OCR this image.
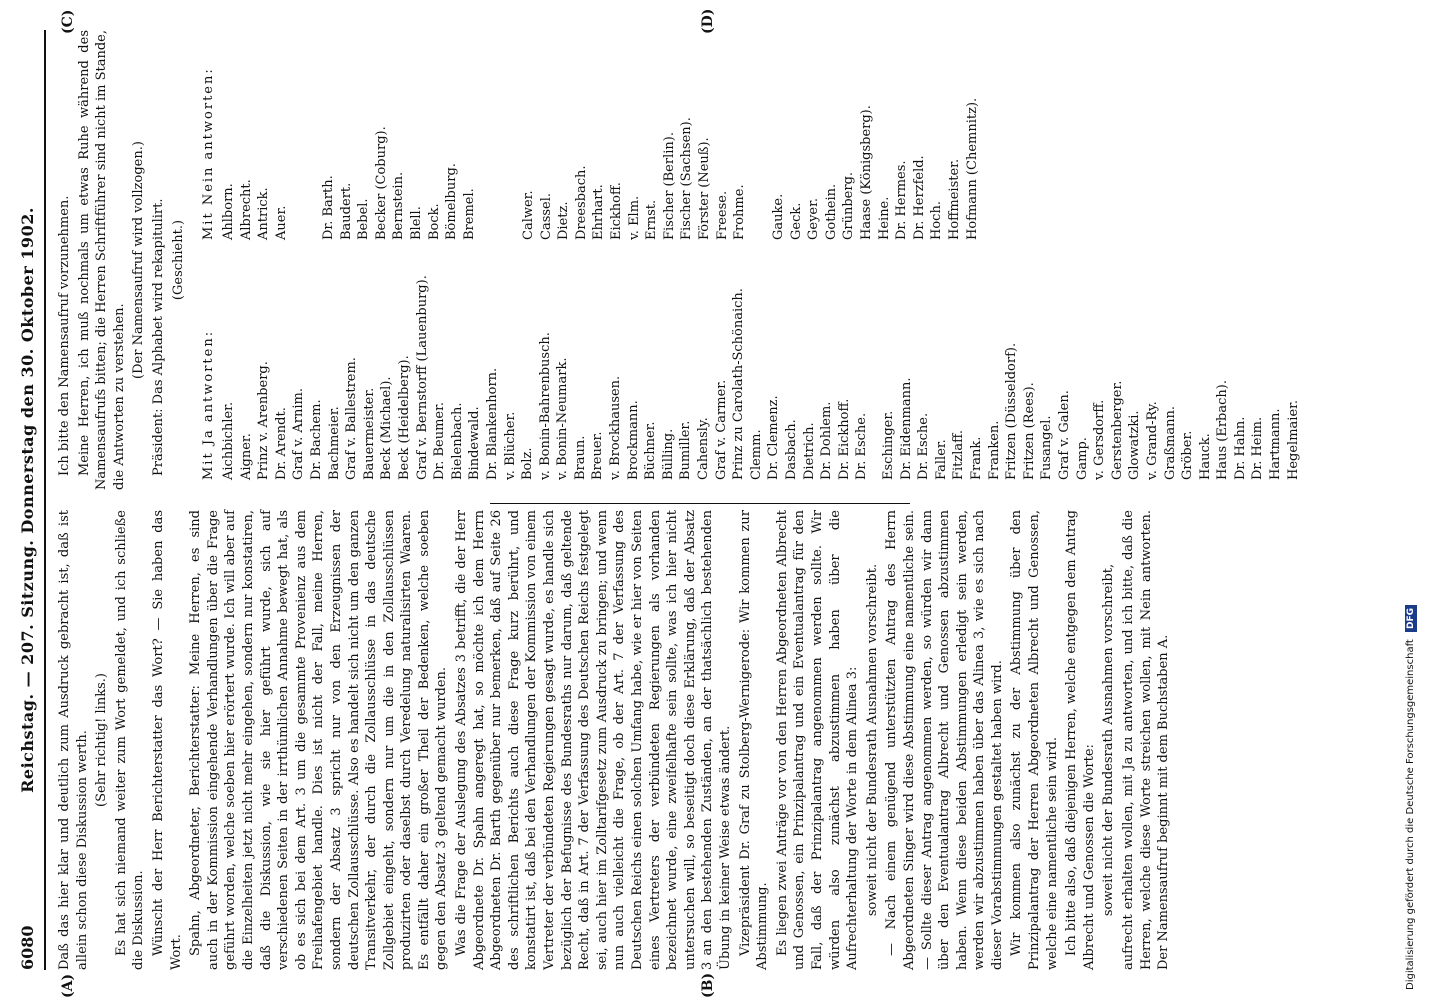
6080
Reichstag. — 207. Sitzung. Donnerstag den 30. Oktober 1902.
(A)	(B)
(C)	(D)

Daß das hier klar und deutlich zum Ausdruck gebracht ist, daß ist allein schon diese Diskussion werth. (Sehr richtig! links.) Es hat sich niemand weiter zum Wort gemeldet, und ich schließe die Diskussion. Wünscht der Herr Berichterstatter das Wort? — Sie haben das Wort. Spahn, Abgeordneter, Berichterstatter: Meine Herren, es sind auch in der Kommission eingehende Verhandlungen über die Frage geführt worden, welche soeben hier erörtert wurde. Ich will aber auf die Einzelheiten jetzt nicht mehr eingehen, sondern nur konstatiren, daß die Diskussion, wie sie hier geführt wurde, sich auf verschiedenen Seiten in der irrthümlichen Annahme bewegt hat, als ob es sich bei dem Art. 3 um die gesammte Provenienz aus dem Freihafengebiet handle. Dies ist nicht der Fall, meine Herren, sondern der Absatz 3 spricht nur von den Erzeugnissen der deutschen Zollausschlüsse. Also es handelt sich nicht um den ganzen Transitverkehr, der durch die Zollausschlüsse in das deutsche Zollgebiet eingeht, sondern nur um die in den Zollausschlüssen produzirten oder daselbst durch Veredelung naturalisirten Waaren. Es entfällt daher ein großer Theil der Bedenken, welche soeben gegen den Absatz 3 geltend gemacht wurden. Was die Frage der Auslegung des Absatzes 3 betrifft, die der Herr Abgeordnete Dr. Spahn angeregt hat, so möchte ich dem Herrn Abgeordneten Dr. Barth gegenüber nur bemerken, daß auf Seite 26 des schriftlichen Berichts auch diese Frage kurz berührt, und konstatirt ist, daß bei den Verhandlungen der Kommission von einem Vertreter der verbündeten Regierungen gesagt wurde, es handle sich bezüglich der Befugnisse des Bundesraths nur darum, daß geltende Recht, daß in Art. 7 der Verfassung des Deutschen Reichs festgelegt sei, auch hier im Zolltarifgesetz zum Ausdruck zu bringen; und wenn nun auch vielleicht die Frage, ob der Art. 7 der Verfassung des Deutschen Reichs einen solchen Umfang habe, wie er hier von Seiten eines Vertreters der verbündeten Regierungen als vorhanden bezeichnet wurde, eine zweifelhafte sein sollte, was ich hier nicht untersuchen will, so beseitigt doch diese Erklärung, daß der Absatz 3 an den bestehenden Zuständen, an der thatsächlich bestehenden Übung in keiner Weise etwas ändert. Vizepräsident Dr. Graf zu Stolberg-Wernigerode: Wir kommen zur Abstimmung. Es liegen zwei Anträge vor von den Herren Abgeordneten Albrecht und Genossen, ein Prinzipalantrag und ein Eventualantrag für den Fall, daß der Prinzipalantrag angenommen werden sollte. Wir würden also zunächst abzustimmen haben über die Aufrechterhaltung der Worte in dem Alinea 3: soweit nicht der Bundesrath Ausnahmen vorschreibt. — Nach einem genügend unterstützten Antrag des Herrn Abgeordneten Singer wird diese Abstimmung eine namentliche sein. — Sollte dieser Antrag angenommen werden, so würden wir dann über den Eventualantrag Albrecht und Genossen abzustimmen haben. Wenn diese beiden Abstimmungen erledigt sein werden, werden wir abzustimmen haben über das Alinea 3, wie es sich nach dieser Vorabstimmungen gestaltet haben wird. Wir kommen also zunächst zu der Abstimmung über den Prinzipalantrag der Herren Abgeordneten Albrecht und Genossen, welche eine namentliche sein wird. Ich bitte also, daß diejenigen Herren, welche entgegen dem Antrag Albrecht und Genossen die Worte: soweit nicht der Bundesrath Ausnahmen vorschreibt, aufrecht erhalten wollen, mit Ja zu antworten, und ich bitte, daß die Herren, welche diese Worte streichen wollen, mit Nein antworten. Der Namensaufruf beginnt mit dem Buchstaben A.

Ich bitte den Namensaufruf vorzunehmen. Meine Herren, ich muß nochmals um etwas Ruhe während des Namensaufrufs bitten; die Herren Schriftführer sind nicht im Stande, die Antworten zu verstehen.

(Der Namensaufruf wird vollzogen.) Präsident: Das Alphabet wird rekapitulirt. (Geschieht.)

Mit Ja antworten: Aichbichler. Aigner. Prinz v. Arenberg. Dr. Arendt. Graf v. Arnim. Dr. Bachem. Bachmeier. Graf v. Ballestrem. Bauermeister. Beck (Michael). Beck (Heidelberg). Graf v. Bernstorff (Lauenburg). Dr. Beumer. Bielenbach. Bindewald. Dr. Blankenhorn. v. Blücher. Bolz. v. Bonin-Bahrenbusch. v. Bonin-Neumark. Braun. Breuer. v. Brockhausen. Brockmann. Büchner. Bülling. Bumiller. Cahensly. Graf v. Carmer. Prinz zu Carolath-Schönaich. Clemm. Dr. Clemenz. Dasbach. Dietrich. Dr. Dohlem. Dr. Eickhoff. Dr. Esche. Eschinger. Dr. Eidenmann. Dr. Esche. Faller. Fitzlaff. Frank. Franken. Fritzen (Düsseldorf). Fritzen (Rees). Fusangel. Graf v. Galen. Gamp. v. Gersdorff. Gerstenberger. Glowatzki. v. Grand-Ry. Graßmann. Gröber. Hauck. Haus (Erbach). Dr. Hahn. Dr. Heim. Hartmann. Hegelmaier.
Mit Nein antworten: Ahlborn. Albrecht. Antrick. Auer. Dr. Barth. Baudert. Bebel. Becker (Coburg). Bernstein. Blell. Bock. Bömelburg. Bremel.	Calwer. Cassel. Dietz. Dreesbach. Ehrhart. Eickhoff. v. Elm. Ernst. Fischer (Berlin). Fischer (Sachsen). Förster (Neuß). Freese. Frohme. Gauke. Geck. Geyer. Gothein. Grünberg. Haase (Königsberg). Heine. Dr. Hermes. Dr. Herzfeld. Hoch. Hoffmeister. Hofmann (Chemnitz).
Digitalisierung gefördert durch die Deutsche Forschungsgemeinschaft DFG
